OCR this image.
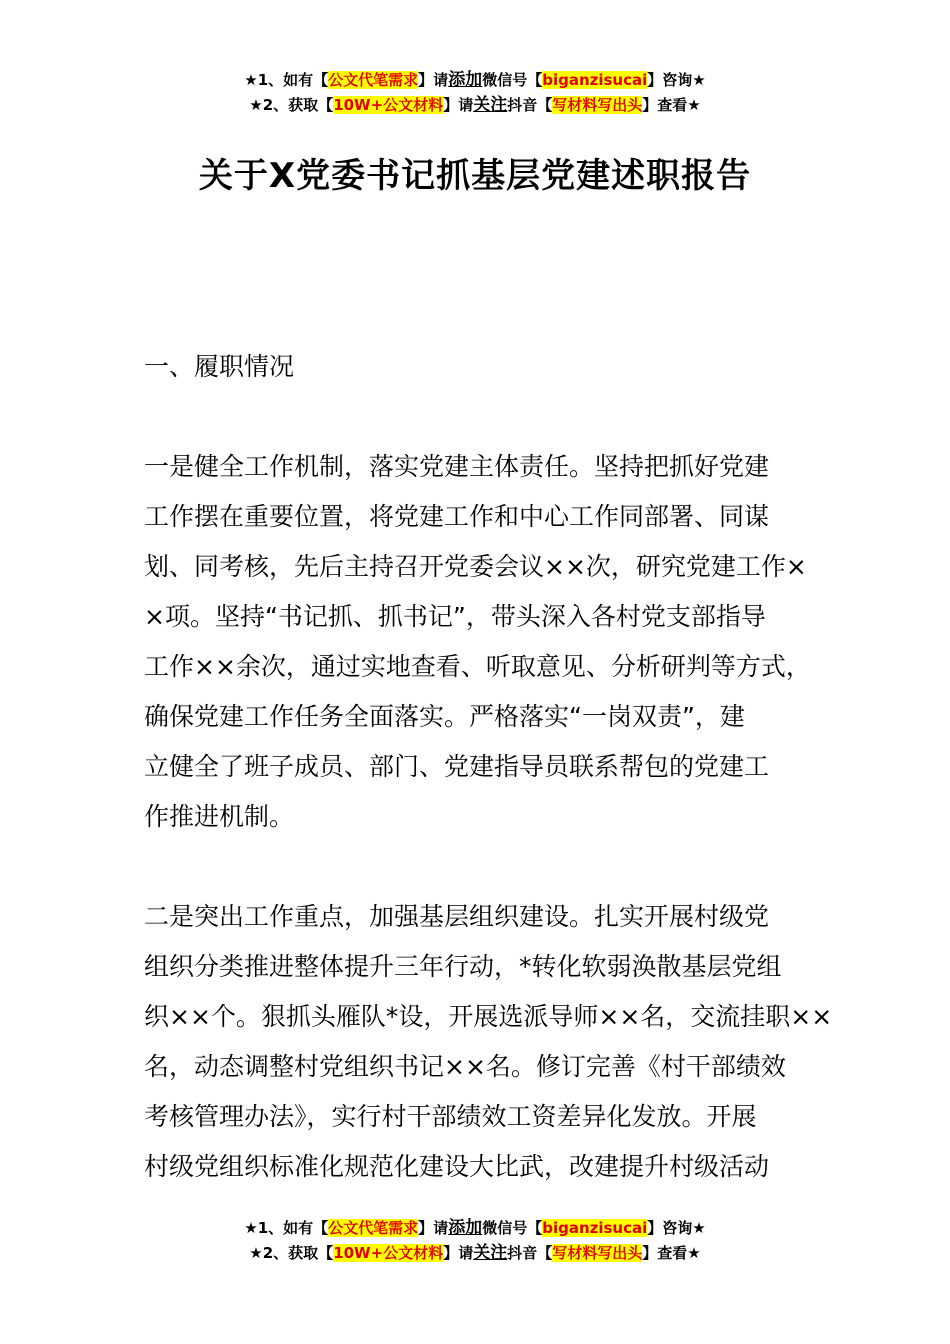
★1、如有【公文代笔需求】请添加微信号【biganzisucai】咨询★
★2、获取【10W+公文材料】请关注抖音【写材料写出头】查看★
关于X党委书记抓基层党建述职报告

一、履职情况

一是健全工作机制，落实党建主体责任。坚持把抓好党建

工作摆在重要位置，将党建工作和中心工作同部署、同谋

划、同考核，先后主持召开党委会议××次，研究党建工作×

×项。坚持“书记抓、抓书记”，带头深入各村党支部指导

工作××余次，通过实地查看、听取意见、分析研判等方式，

确保党建工作任务全面落实。严格落实“一岗双责”，建

立健全了班子成员、部门、党建指导员联系帮包的党建工

作推进机制。

二是突出工作重点，加强基层组织建设。扎实开展村级党

组织分类推进整体提升三年行动，*转化软弱涣散基层党组

织××个。狠抓头雁队*设，开展选派导师××名，交流挂职××

名，动态调整村党组织书记××名。修订完善《村干部绩效

考核管理办法》，实行村干部绩效工资差异化发放。开展

村级党组织标准化规范化建设大比武，改建提升村级活动

★1、如有【公文代笔需求】请添加微信号【biganzisucai】咨询★
★2、获取【10W+公文材料】请关注抖音【写材料写出头】查看★
